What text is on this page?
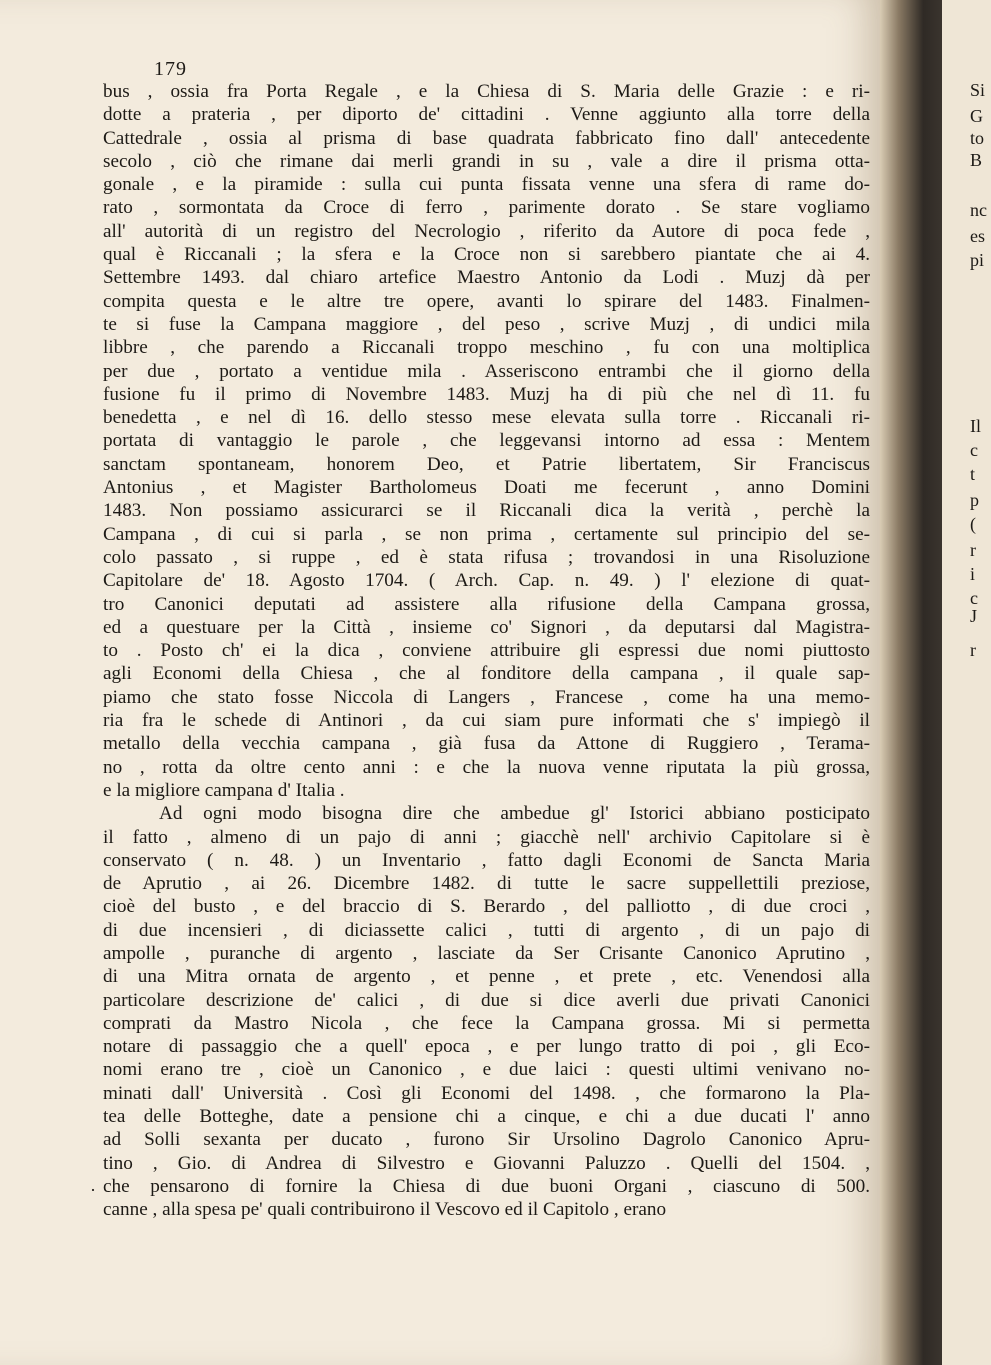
179
bus , ossia fra Porta Regale , e la Chiesa di S. Maria delle Grazie : e ri-
dotte a prateria , per diporto de' cittadini . Venne aggiunto alla torre della
Cattedrale , ossia al prisma di base quadrata fabbricato fino dall' antecedente
secolo , ciò che rimane dai merli grandi in su , vale a dire il prisma otta-
gonale , e la piramide : sulla cui punta fissata venne una sfera di rame do-
rato , sormontata da Croce di ferro , parimente dorato . Se stare vogliamo
all' autorità di un registro del Necrologio , riferito da Autore di poca fede ,
qual è Riccanali ; la sfera e la Croce non si sarebbero piantate che ai 4.
Settembre 1493. dal chiaro artefice Maestro Antonio da Lodi . Muzj dà per
compita questa e le altre tre opere, avanti lo spirare del 1483. Finalmen-
te si fuse la Campana maggiore , del peso , scrive Muzj , di undici mila
libbre , che parendo a Riccanali troppo meschino , fu con una moltiplica
per due , portato a ventidue mila . Asseriscono entrambi che il giorno della
fusione fu il primo di Novembre 1483. Muzj ha di più che nel dì 11. fu
benedetta , e nel dì 16. dello stesso mese elevata sulla torre . Riccanali ri-
portata di vantaggio le parole , che leggevansi intorno ad essa : Mentem
sanctam spontaneam, honorem Deo, et Patrie libertatem, Sir Franciscus
Antonius , et Magister Bartholomeus Doati me fecerunt , anno Domini
1483. Non possiamo assicurarci se il Riccanali dica la verità , perchè la
Campana , di cui si parla , se non prima , certamente sul principio del se-
colo passato , si ruppe , ed è stata rifusa ; trovandosi in una Risoluzione
Capitolare de' 18. Agosto 1704. ( Arch. Cap. n. 49. ) l' elezione di quat-
tro Canonici deputati ad assistere alla rifusione della Campana grossa,
ed a questuare per la Città , insieme co' Signori , da deputarsi dal Magistra-
to . Posto ch' ei la dica , conviene attribuire gli espressi due nomi piuttosto
agli Economi della Chiesa , che al fonditore della campana , il quale sap-
piamo che stato fosse Niccola di Langers , Francese , come ha una memo-
ria fra le schede di Antinori , da cui siam pure informati che s' impiegò il
metallo della vecchia campana , già fusa da Attone di Ruggiero , Terama-
no , rotta da oltre cento anni : e che la nuova venne riputata la più grossa,
e la migliore campana d' Italia .
Ad ogni modo bisogna dire che ambedue gl' Istorici abbiano posticipato
il fatto , almeno di un pajo di anni ; giacchè nell' archivio Capitolare si è
conservato ( n. 48. ) un Inventario , fatto dagli Economi de Sancta Maria
de Aprutio , ai 26. Dicembre 1482. di tutte le sacre suppellettili preziose,
cioè del busto , e del braccio di S. Berardo , del palliotto , di due croci ,
di due incensieri , di diciassette calici , tutti di argento , di un pajo di
ampolle , puranche di argento , lasciate da Ser Crisante Canonico Aprutino ,
di una Mitra ornata de argento , et penne , et prete , etc. Venendosi alla
particolare descrizione de' calici , di due si dice averli due privati Canonici
comprati da Mastro Nicola , che fece la Campana grossa. Mi si permetta
notare di passaggio che a quell' epoca , e per lungo tratto di poi , gli Eco-
nomi erano tre , cioè un Canonico , e due laici : questi ultimi venivano no-
minati dall' Università . Così gli Economi del 1498. , che formarono la Pla-
tea delle Botteghe, date a pensione chi a cinque, e chi a due ducati l' anno
ad Solli sexanta per ducato , furono Sir Ursolino Dagrolo Canonico Apru-
tino , Gio. di Andrea di Silvestro e Giovanni Paluzzo . Quelli del 1504. ,
che pensarono di fornire la Chiesa di due buoni Organi , ciascuno di 500.
canne , alla spesa pe' quali contribuirono il Vescovo ed il Capitolo , erano
·
Si
G
to
B
nc
es
pi
Il
c
t
p
(
r
i
c
J
r
